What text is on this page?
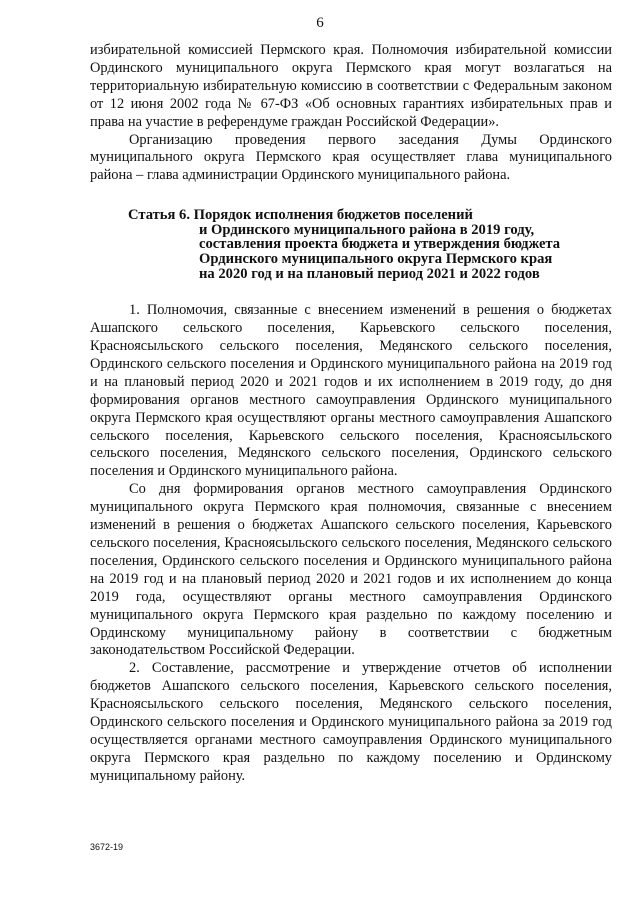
6

избирательной комиссией Пермского края. Полномочия избирательной комиссии Ординского муниципального округа Пермского края могут возлагаться на территориальную избирательную комиссию в соответствии с Федеральным законом от 12 июня 2002 года № 67-ФЗ «Об основных гарантиях избирательных прав и права на участие в референдуме граждан Российской Федерации».

Организацию проведения первого заседания Думы Ординского муниципального округа Пермского края осуществляет глава муниципального района – глава администрации Ординского муниципального района.

Статья 6. Порядок исполнения бюджетов поселений
и Ординского муниципального района в 2019 году,
составления проекта бюджета и утверждения бюджета
Ординского муниципального округа Пермского края
на 2020 год и на плановый период 2021 и 2022 годов

1. Полномочия, связанные с внесением изменений в решения о бюджетах Ашапского сельского поселения, Карьевского сельского поселения, Красноясыльского сельского поселения, Медянского сельского поселения, Ординского сельского поселения и Ординского муниципального района на 2019 год и на плановый период 2020 и 2021 годов и их исполнением в 2019 году, до дня формирования органов местного самоуправления Ординского муниципального округа Пермского края осуществляют органы местного самоуправления Ашапского сельского поселения, Карьевского сельского поселения, Красноясыльского сельского поселения, Медянского сельского поселения, Ординского сельского поселения и Ординского муниципального района.

Со дня формирования органов местного самоуправления Ординского муниципального округа Пермского края полномочия, связанные с внесением изменений в решения о бюджетах Ашапского сельского поселения, Карьевского сельского поселения, Красноясыльского сельского поселения, Медянского сельского поселения, Ординского сельского поселения и Ординского муниципального района на 2019 год и на плановый период 2020 и 2021 годов и их исполнением до конца 2019 года, осуществляют органы местного самоуправления Ординского муниципального округа Пермского края раздельно по каждому поселению и Ординскому муниципальному району в соответствии с бюджетным законодательством Российской Федерации.

2. Составление, рассмотрение и утверждение отчетов об исполнении бюджетов Ашапского сельского поселения, Карьевского сельского поселения, Красноясыльского сельского поселения, Медянского сельского поселения, Ординского сельского поселения и Ординского муниципального района за 2019 год осуществляется органами местного самоуправления Ординского муниципального округа Пермского края раздельно по каждому поселению и Ординскому муниципальному району.

3672-19
